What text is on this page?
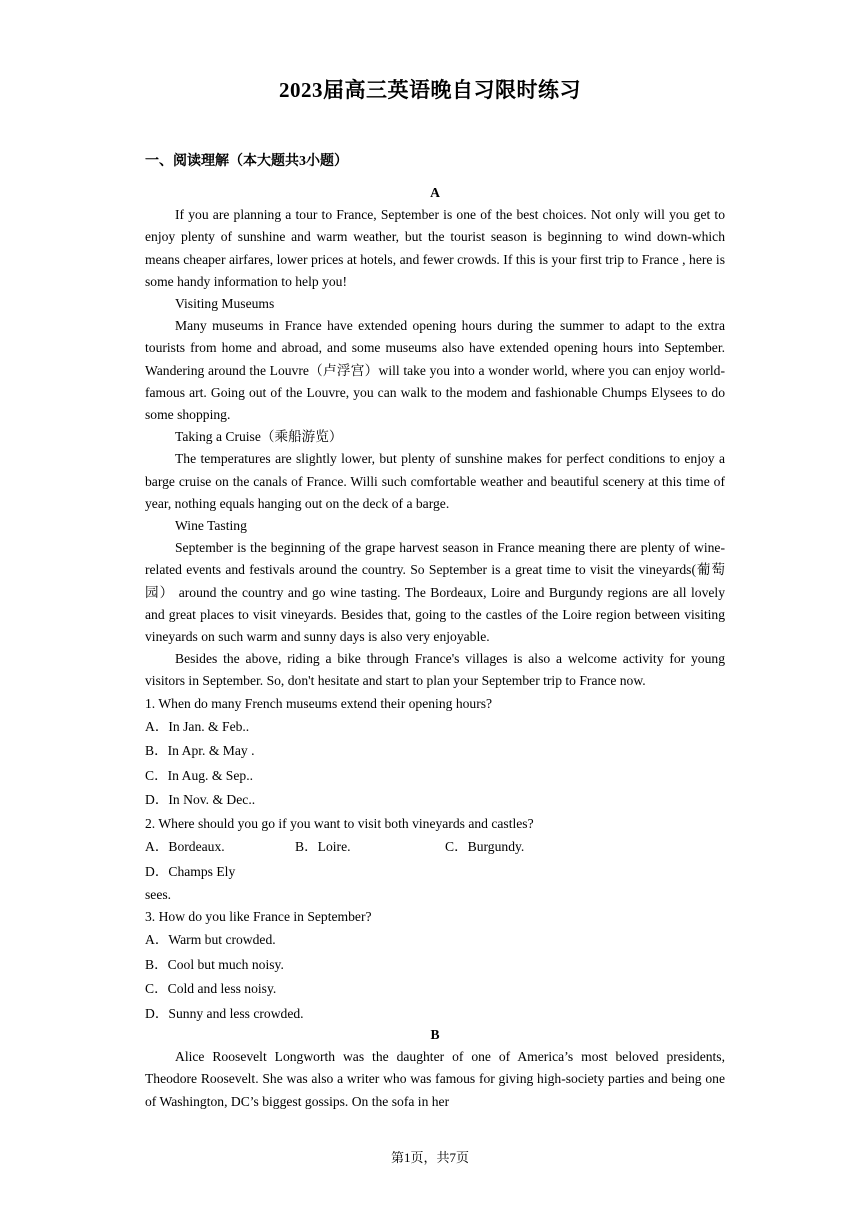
2023届高三英语晚自习限时练习
一、阅读理解（本大题共3小题）

A

If you are planning a tour to France, September is one of the best choices. Not only will you get to enjoy plenty of sunshine and warm weather, but the tourist season is beginning to wind down-which means cheaper airfares, lower prices at hotels, and fewer crowds. If this is your first trip to France , here is some handy information to help you!

Visiting Museums

Many museums in France have extended opening hours during the summer to adapt to the extra tourists from home and abroad, and some museums also have extended opening hours into September. Wandering around the Louvre（卢浮宫）will take you into a wonder world, where you can enjoy world- famous art. Going out of the Louvre, you can walk to the modem and fashionable Chumps Elysees to do some shopping.

Taking a Cruise（乘船游览）

The temperatures are slightly lower, but plenty of sunshine makes for perfect conditions to enjoy a barge cruise on the canals of France. Willi such comfortable weather and beautiful scenery at this time of year, nothing equals hanging out on the deck of a barge.

Wine Tasting

September is the beginning of the grape harvest season in France meaning there are plenty of wine- related events and festivals around the country. So September is a great time to visit the vineyards(葡萄园） around the country and go wine tasting. The Bordeaux, Loire and Burgundy regions are all lovely and great places to visit vineyards. Besides that, going to the castles of the Loire region between visiting vineyards on such warm and sunny days is also very enjoyable.

Besides the above, riding a bike through France's villages is also a welcome activity for young visitors in September. So, don't hesitate and start to plan your September trip to France now.

1. When do many French museums extend their opening hours?

A．In Jan. & Feb..
B．In Apr. & May .
C．In Aug. & Sep..
D．In Nov. & Dec..

2. Where should you go if you want to visit both vineyards and castles?

A．Bordeaux.	B．Loire.	C．Burgundy.
D．Champs Ely

sees.

3. How do you like France in September?

A．Warm but crowded.
B．Cool but much noisy.
C．Cold and less noisy.
D．Sunny and less crowded.

B

Alice Roosevelt Longworth was the daughter of one of America’s most beloved presidents, Theodore Roosevelt. She was also a writer who was famous for giving high-society parties and being one of Washington, DC’s biggest gossips. On the sofa in her

第1页，共7页
